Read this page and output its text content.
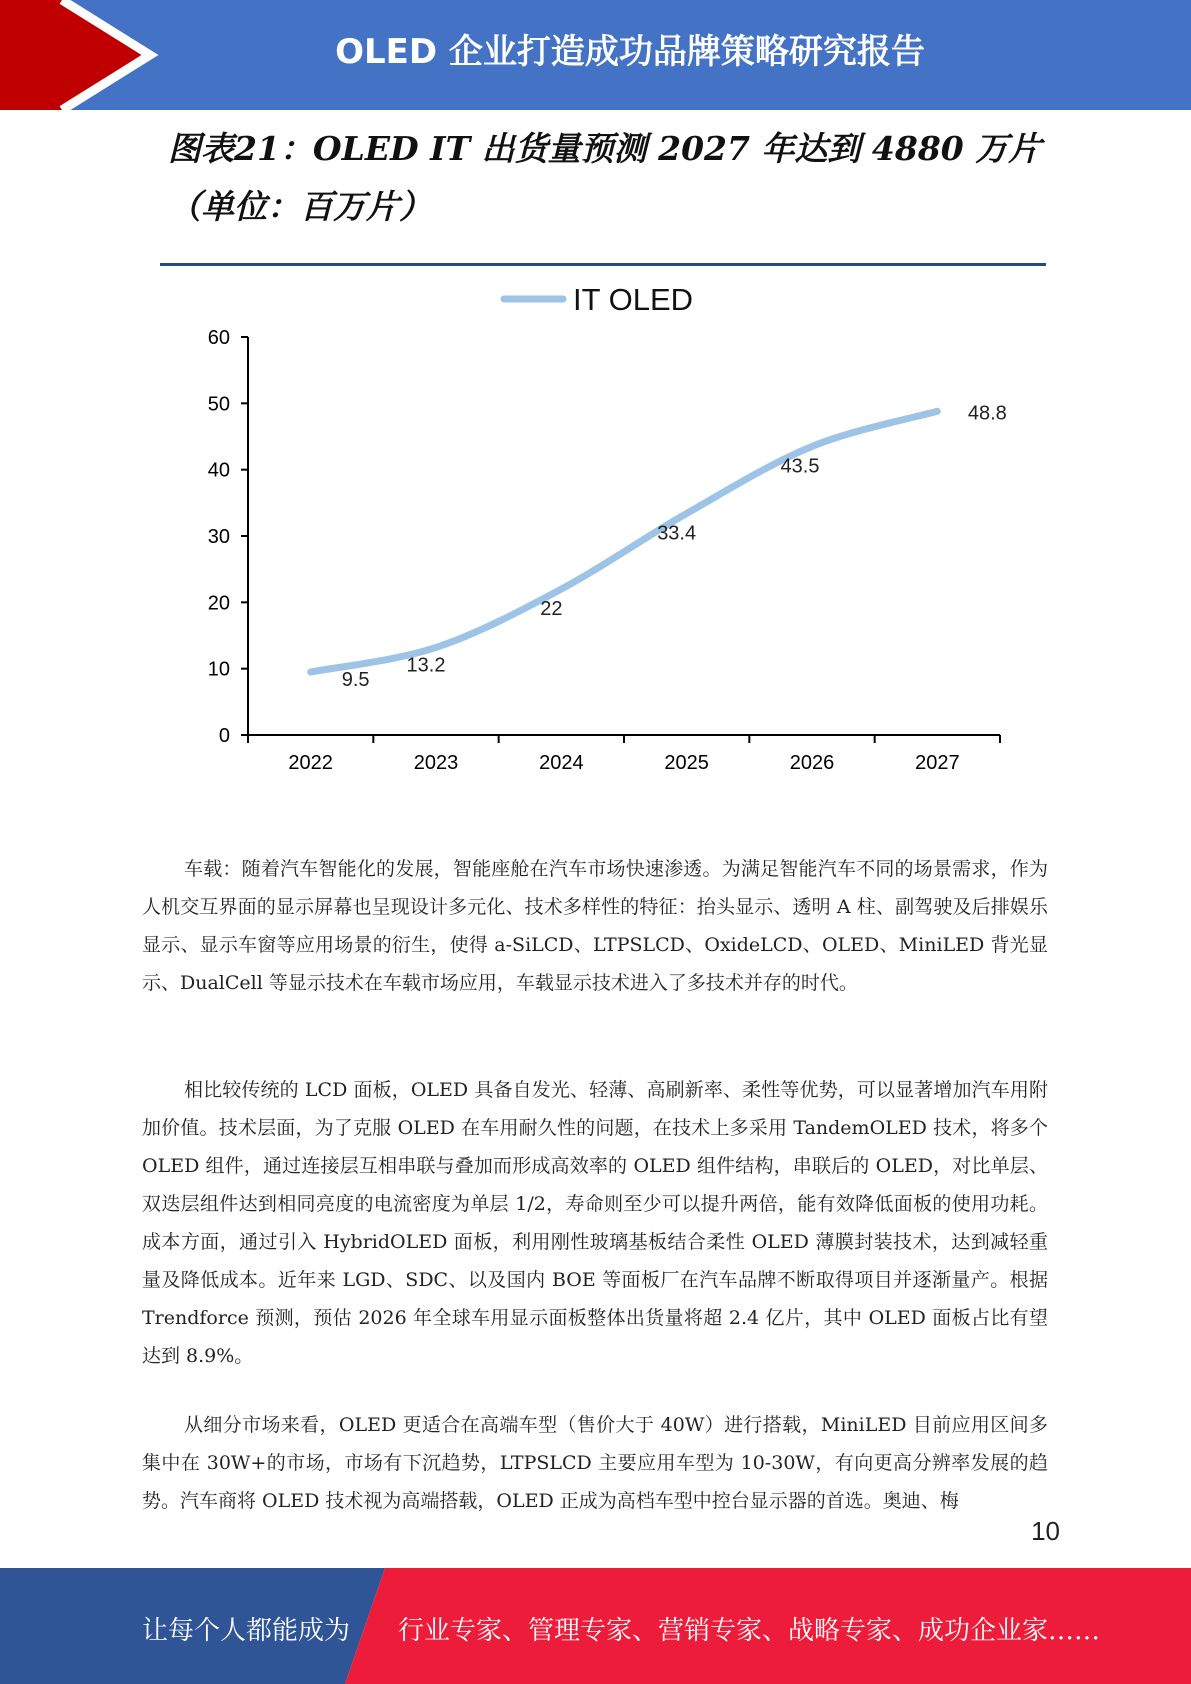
OLED 企业打造成功品牌策略研究报告
图表21：OLED IT 出货量预测 2027 年达到 4880 万片（单位：百万片）
IT OLED
0
10
20
30
40
50
60
2022	2023	2024	2025	2026	2027
9.5
13.2
22
33.4
43.5
48.8

车载：随着汽车智能化的发展，智能座舱在汽车市场快速渗透。为满足智能汽车不同的场景需求，作为人机交互界面的显示屏幕也呈现设计多元化、技术多样性的特征：抬头显示、透明 A 柱、副驾驶及后排娱乐显示、显示车窗等应用场景的衍生，使得 a-SiLCD、LTPSLCD、OxideLCD、OLED、MiniLED 背光显示、DualCell 等显示技术在车载市场应用，车载显示技术进入了多技术并存的时代。

相比较传统的 LCD 面板，OLED 具备自发光、轻薄、高刷新率、柔性等优势，可以显著增加汽车用附加价值。技术层面，为了克服 OLED 在车用耐久性的问题，在技术上多采用 TandemOLED 技术，将多个 OLED 组件，通过连接层互相串联与叠加而形成高效率的 OLED 组件结构，串联后的 OLED，对比单层、双迭层组件达到相同亮度的电流密度为单层 1/2，寿命则至少可以提升两倍，能有效降低面板的使用功耗。成本方面，通过引入 HybridOLED 面板，利用刚性玻璃基板结合柔性 OLED 薄膜封装技术，达到减轻重量及降低成本。近年来 LGD、SDC、以及国内 BOE 等面板厂在汽车品牌不断取得项目并逐渐量产。根据 Trendforce 预测，预估 2026 年全球车用显示面板整体出货量将超 2.4 亿片，其中 OLED 面板占比有望达到 8.9%。

从细分市场来看，OLED 更适合在高端车型（售价大于 40W）进行搭载，MiniLED 目前应用区间多集中在 30W+的市场，市场有下沉趋势，LTPSLCD 主要应用车型为 10-30W，有向更高分辨率发展的趋势。汽车商将 OLED 技术视为高端搭载，OLED 正成为高档车型中控台显示器的首选。奥迪、梅

10
让每个人都能成为 行业专家、管理专家、营销专家、战略专家、成功企业家……
